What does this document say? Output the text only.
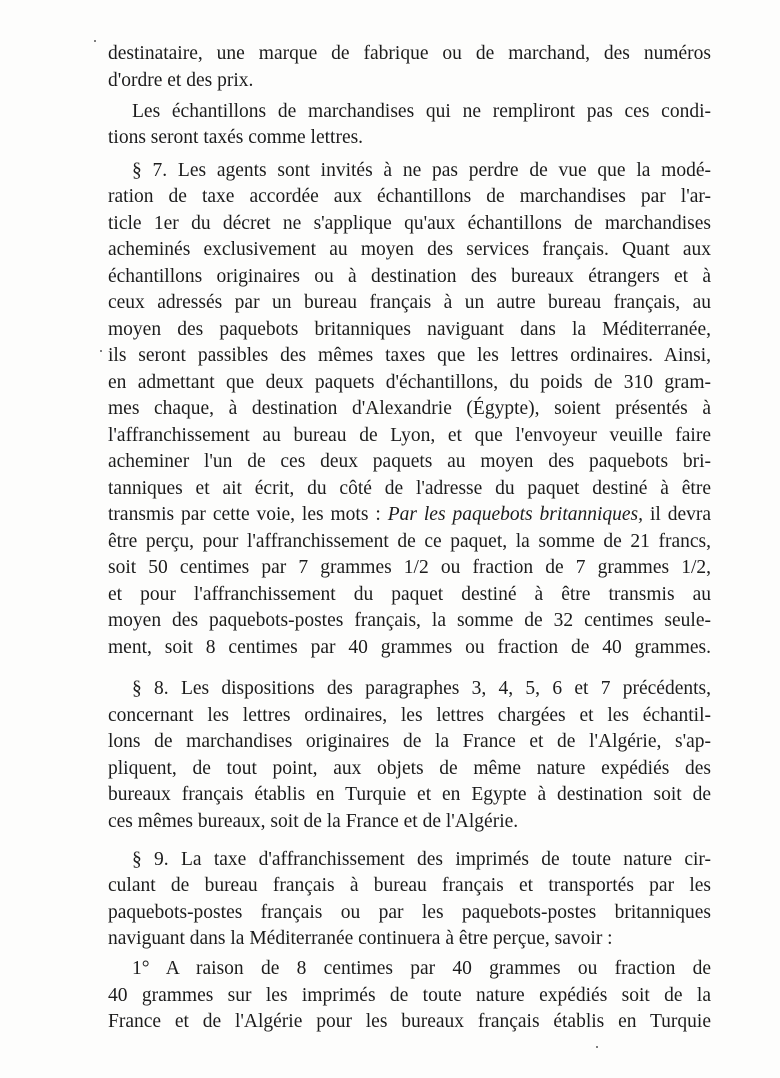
destinataire, une marque de fabrique ou de marchand, des numéros
d'ordre et des prix.
Les échantillons de marchandises qui ne rempliront pas ces condi-
tions seront taxés comme lettres.
§ 7. Les agents sont invités à ne pas perdre de vue que la modé-
ration de taxe accordée aux échantillons de marchandises par l'ar-
ticle 1er du décret ne s'applique qu'aux échantillons de marchandises
acheminés exclusivement au moyen des services français. Quant aux
échantillons originaires ou à destination des bureaux étrangers et à
ceux adressés par un bureau français à un autre bureau français, au
moyen des paquebots britanniques naviguant dans la Méditerranée,
ils seront passibles des mêmes taxes que les lettres ordinaires. Ainsi,
en admettant que deux paquets d'échantillons, du poids de 310 gram-
mes chaque, à destination d'Alexandrie (Égypte), soient présentés à
l'affranchissement au bureau de Lyon, et que l'envoyeur veuille faire
acheminer l'un de ces deux paquets au moyen des paquebots bri-
tanniques et ait écrit, du côté de l'adresse du paquet destiné à être
transmis par cette voie, les mots : Par les paquebots britanniques, il devra
être perçu, pour l'affranchissement de ce paquet, la somme de 21 francs,
soit 50 centimes par 7 grammes 1/2 ou fraction de 7 grammes 1/2,
et pour l'affranchissement du paquet destiné à être transmis au
moyen des paquebots-postes français, la somme de 32 centimes seule-
ment, soit 8 centimes par 40 grammes ou fraction de 40 grammes.
§ 8. Les dispositions des paragraphes 3, 4, 5, 6 et 7 précédents,
concernant les lettres ordinaires, les lettres chargées et les échantil-
lons de marchandises originaires de la France et de l'Algérie, s'ap-
pliquent, de tout point, aux objets de même nature expédiés des
bureaux français établis en Turquie et en Egypte à destination soit de
ces mêmes bureaux, soit de la France et de l'Algérie.
§ 9. La taxe d'affranchissement des imprimés de toute nature cir-
culant de bureau français à bureau français et transportés par les
paquebots-postes français ou par les paquebots-postes britanniques
naviguant dans la Méditerranée continuera à être perçue, savoir :
1° A raison de 8 centimes par 40 grammes ou fraction de
40 grammes sur les imprimés de toute nature expédiés soit de la
France et de l'Algérie pour les bureaux français établis en Turquie
